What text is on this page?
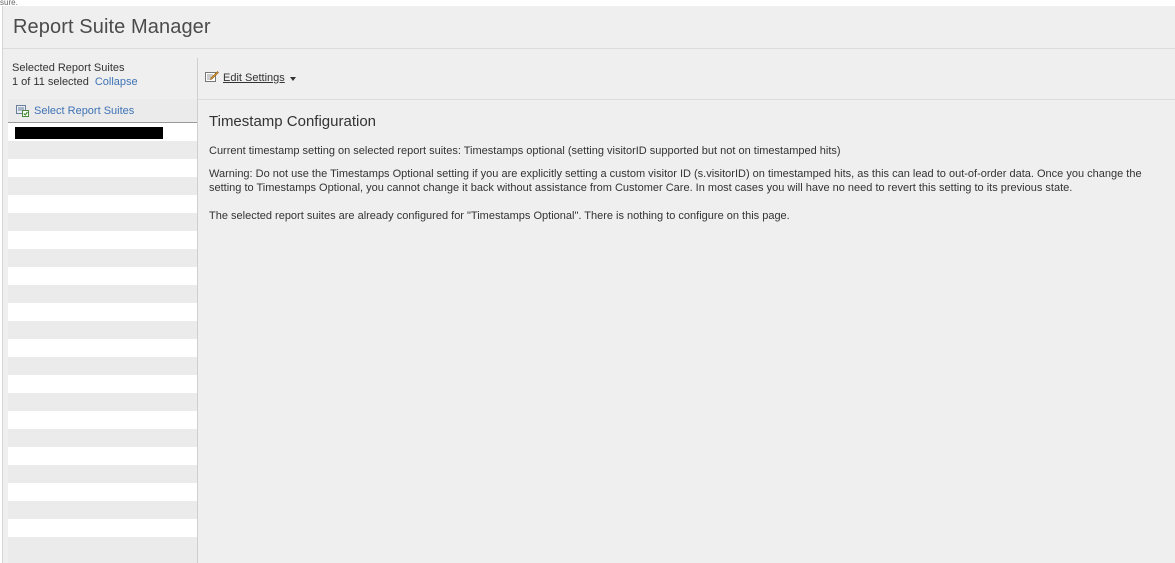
sure.
Report Suite Manager
Selected Report Suites
1 of 11 selected Collapse	Edit Settings
Select Report Suites
Timestamp Configuration

Current timestamp setting on selected report suites: Timestamps optional (setting visitorID supported but not on timestamped hits)

Warning: Do not use the Timestamps Optional setting if you are explicitly setting a custom visitor ID (s.visitorID) on timestamped hits, as this can lead to out-of-order data. Once you change the setting to Timestamps Optional, you cannot change it back without assistance from Customer Care. In most cases you will have no need to revert this setting to its previous state.

The selected report suites are already configured for "Timestamps Optional". There is nothing to configure on this page.
